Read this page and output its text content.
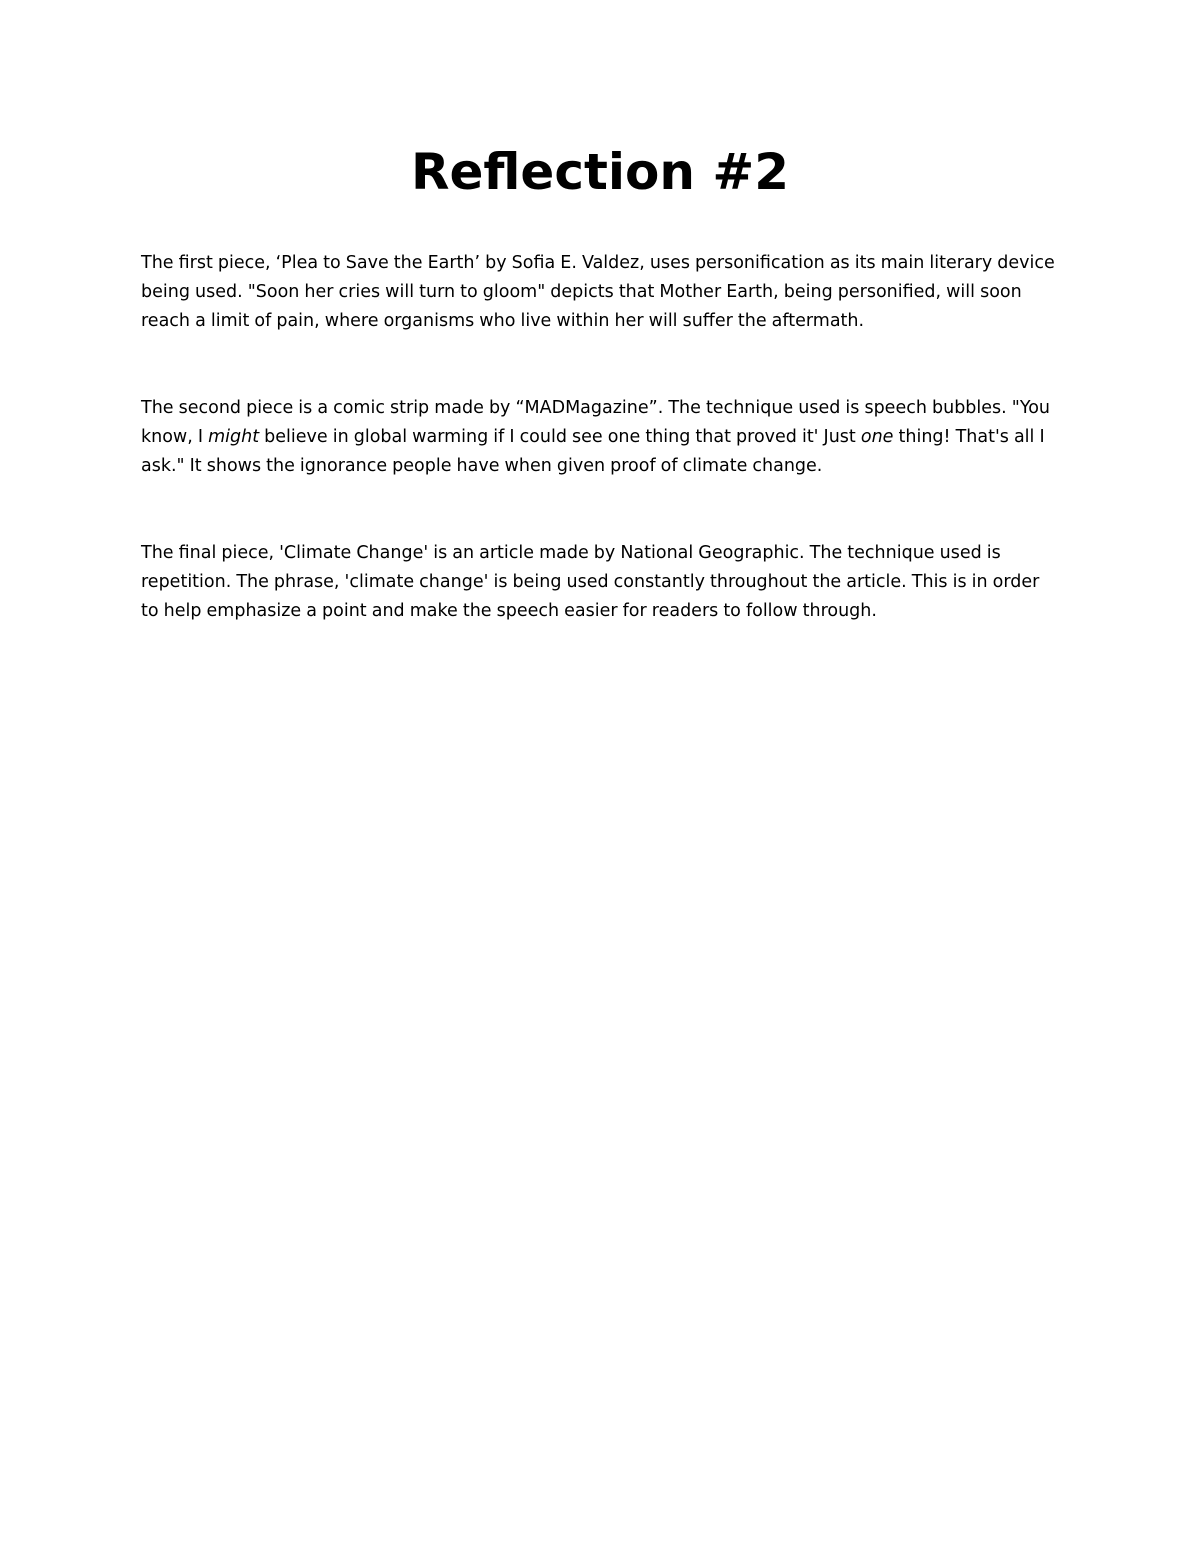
Reflection #2

The first piece, ‘Plea to Save the Earth’ by Sofia E. Valdez, uses personification as its main literary device
being used. "Soon her cries will turn to gloom" depicts that Mother Earth, being personified, will soon
reach a limit of pain, where organisms who live within her will suffer the aftermath.

The second piece is a comic strip made by “MADMagazine”. The technique used is speech bubbles. "You
know, I might believe in global warming if I could see one thing that proved it' Just one thing! That's all I
ask." It shows the ignorance people have when given proof of climate change.

The final piece, 'Climate Change' is an article made by National Geographic. The technique used is
repetition. The phrase, 'climate change' is being used constantly throughout the article. This is in order
to help emphasize a point and make the speech easier for readers to follow through.
